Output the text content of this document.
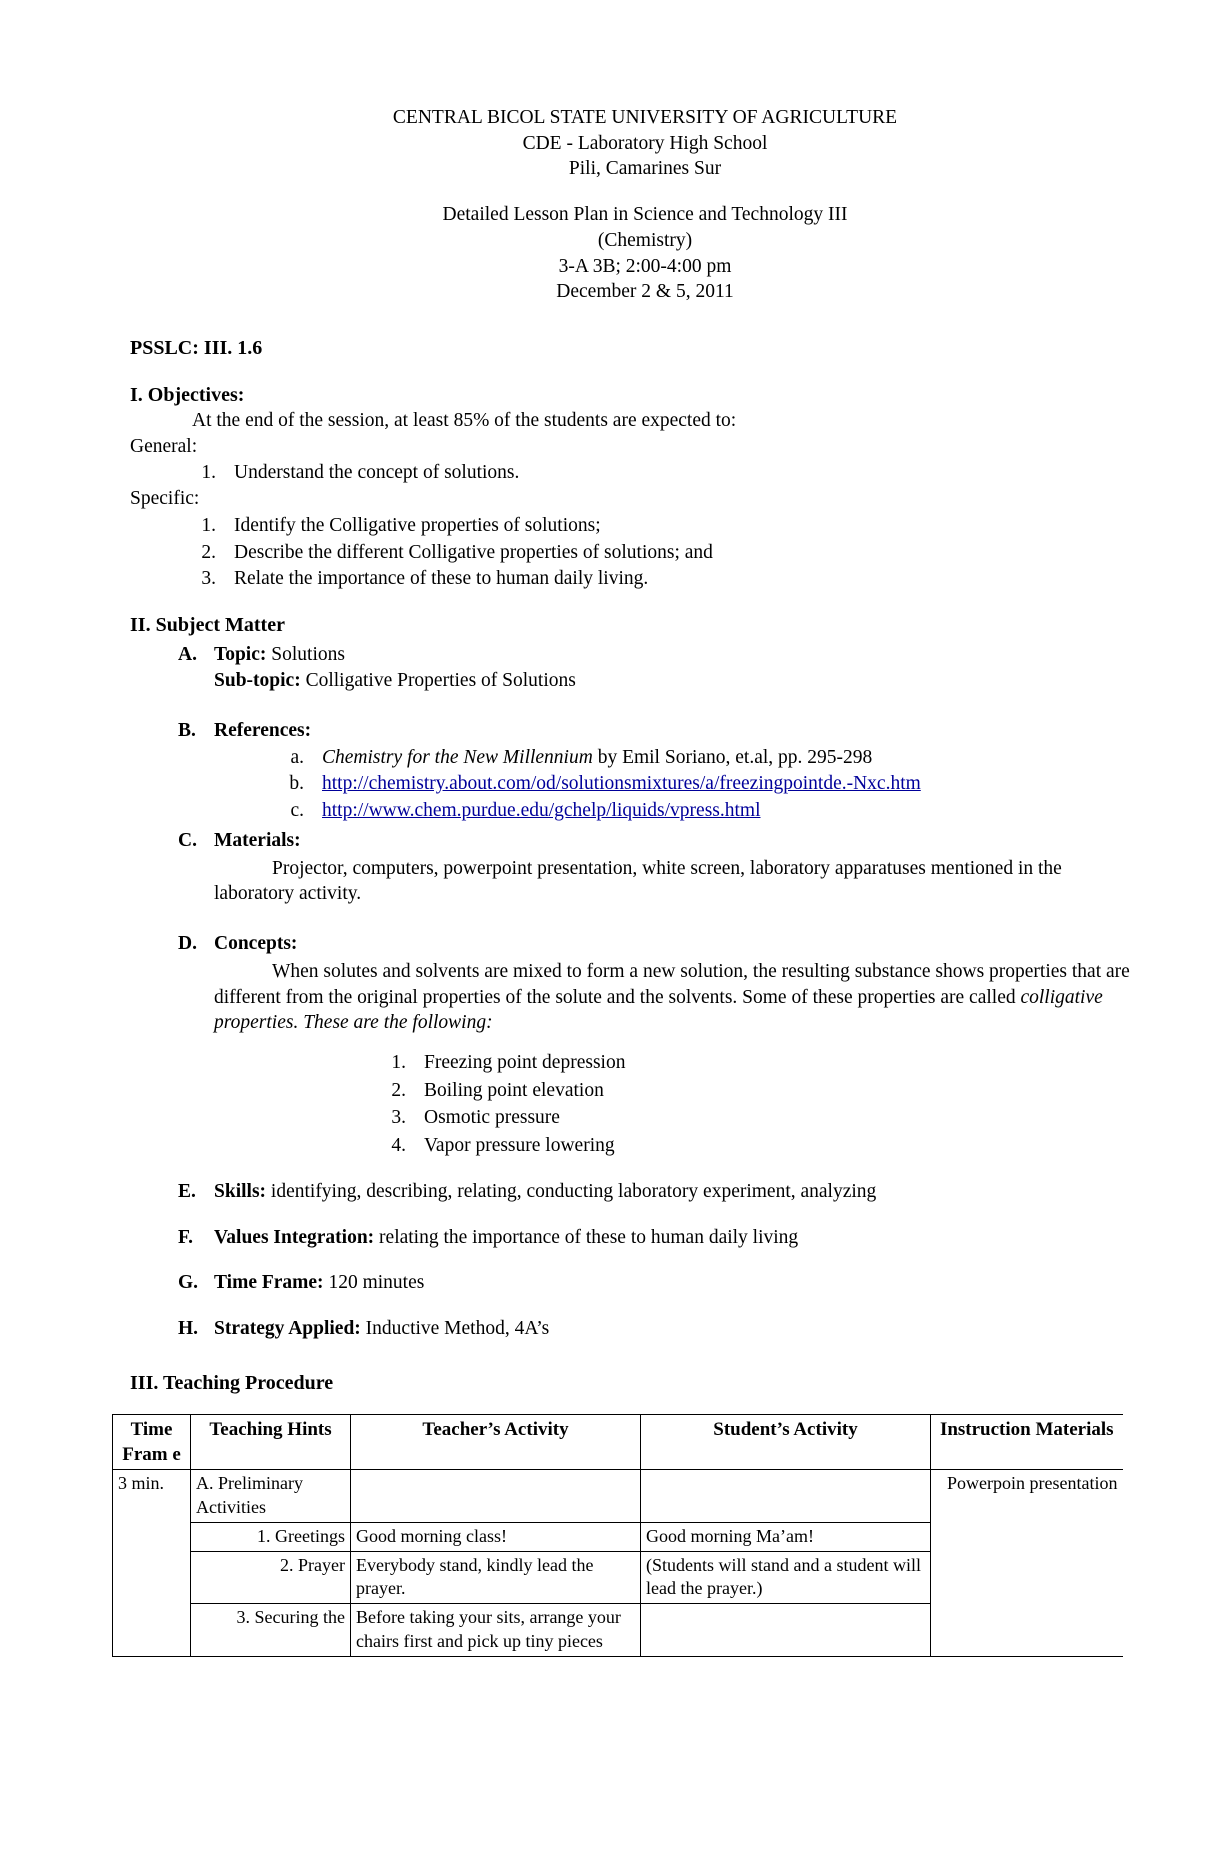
CENTRAL BICOL STATE UNIVERSITY OF AGRICULTURE
CDE - Laboratory High School
Pili, Camarines Sur
Detailed Lesson Plan in Science and Technology III
(Chemistry)
3-A 3B; 2:00-4:00 pm
December 2 & 5, 2011
PSSLC: III. 1.6
I. Objectives:
At the end of the session, at least 85% of the students are expected to:
General:
1. Understand the concept of solutions.
Specific:
1. Identify the Colligative properties of solutions;
2. Describe the different Colligative properties of solutions; and
3. Relate the importance of these to human daily living.
II. Subject Matter
A. Topic: Solutions
Sub-topic: Colligative Properties of Solutions
B. References:
a. Chemistry for the New Millennium by Emil Soriano, et.al, pp. 295-298
b. http://chemistry.about.com/od/solutionsmixtures/a/freezingpointde.-Nxc.htm
c. http://www.chem.purdue.edu/gchelp/liquids/vpress.html
C. Materials:
Projector, computers, powerpoint presentation, white screen, laboratory apparatuses mentioned in the laboratory activity.
D. Concepts:
When solutes and solvents are mixed to form a new solution, the resulting substance shows properties that are different from the original properties of the solute and the solvents. Some of these properties are called colligative properties. These are the following:
1. Freezing point depression
2. Boiling point elevation
3. Osmotic pressure
4. Vapor pressure lowering
E. Skills: identifying, describing, relating, conducting laboratory experiment, analyzing
F.	Values Integration: relating the importance of these to human daily living
G. Time Frame: 120 minutes
H. Strategy Applied: Inductive Method, 4A’s
III. Teaching Procedure
Time Fram e	Teaching Hints	Teacher’s Activity	Student’s Activity	Instruction Materials
3 min.	A. Preliminary Activities			Powerpoin presentation
	1. Greetings	Good morning class!	Good morning Ma’am!	
	2. Prayer	Everybody stand, kindly lead the prayer.	(Students will stand and a student will lead the prayer.)	
	3. Securing the	Before taking your sits, arrange your chairs first and pick up tiny pieces		
